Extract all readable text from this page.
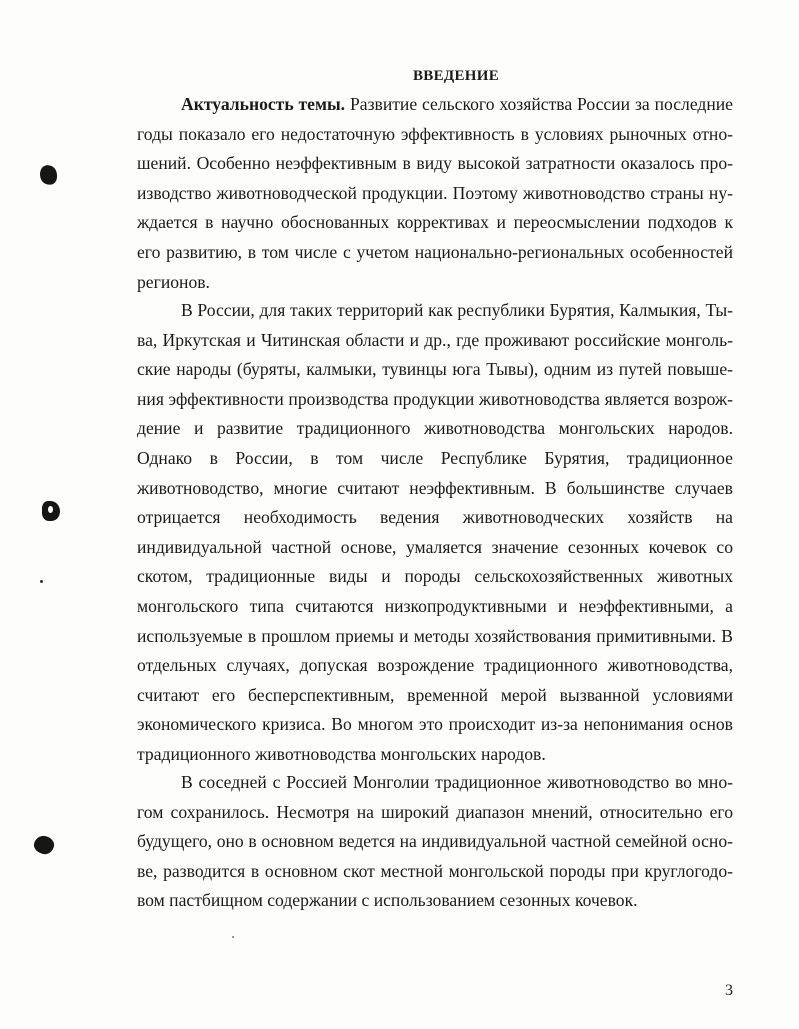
ВВЕДЕНИЕ

Актуальность темы. Развитие сельского хозяйства России за последние годы показало его недостаточную эффективность в условиях рыночных отношений. Особенно неэффективным в виду высокой затратности оказалось производство животноводческой продукции. Поэтому животноводство страны нуждается в научно обоснованных коррективах и переосмыслении подходов к его развитию, в том числе с учетом национально-региональных особенностей регионов.

В России, для таких территорий как республики Бурятия, Калмыкия, Тыва, Иркутская и Читинская области и др., где проживают российские монгольские народы (буряты, калмыки, тувинцы юга Тывы), одним из путей повышения эффективности производства продукции животноводства является возрождение и развитие традиционного животноводства монгольских народов. Однако в России, в том числе Республике Бурятия, традиционное животноводство, многие считают неэффективным. В большинстве случаев отрицается необходимость ведения животноводческих хозяйств на индивидуальной частной основе, умаляется значение сезонных кочевок со скотом, традиционные виды и породы сельскохозяйственных животных монгольского типа считаются низкопродуктивными и неэффективными, а используемые в прошлом приемы и методы хозяйствования примитивными. В отдельных случаях, допуская возрождение традиционного животноводства, считают его бесперспективным, временной мерой вызванной условиями экономического кризиса. Во многом это происходит из-за непонимания основ традиционного животноводства монгольских народов.

В соседней с Россией Монголии традиционное животноводство во многом сохранилось. Несмотря на широкий диапазон мнений, относительно его будущего, оно в основном ведется на индивидуальной частной семейной основе, разводится в основном скот местной монгольской породы при круглогодовом пастбищном содержании с использованием сезонных кочевок.

3
